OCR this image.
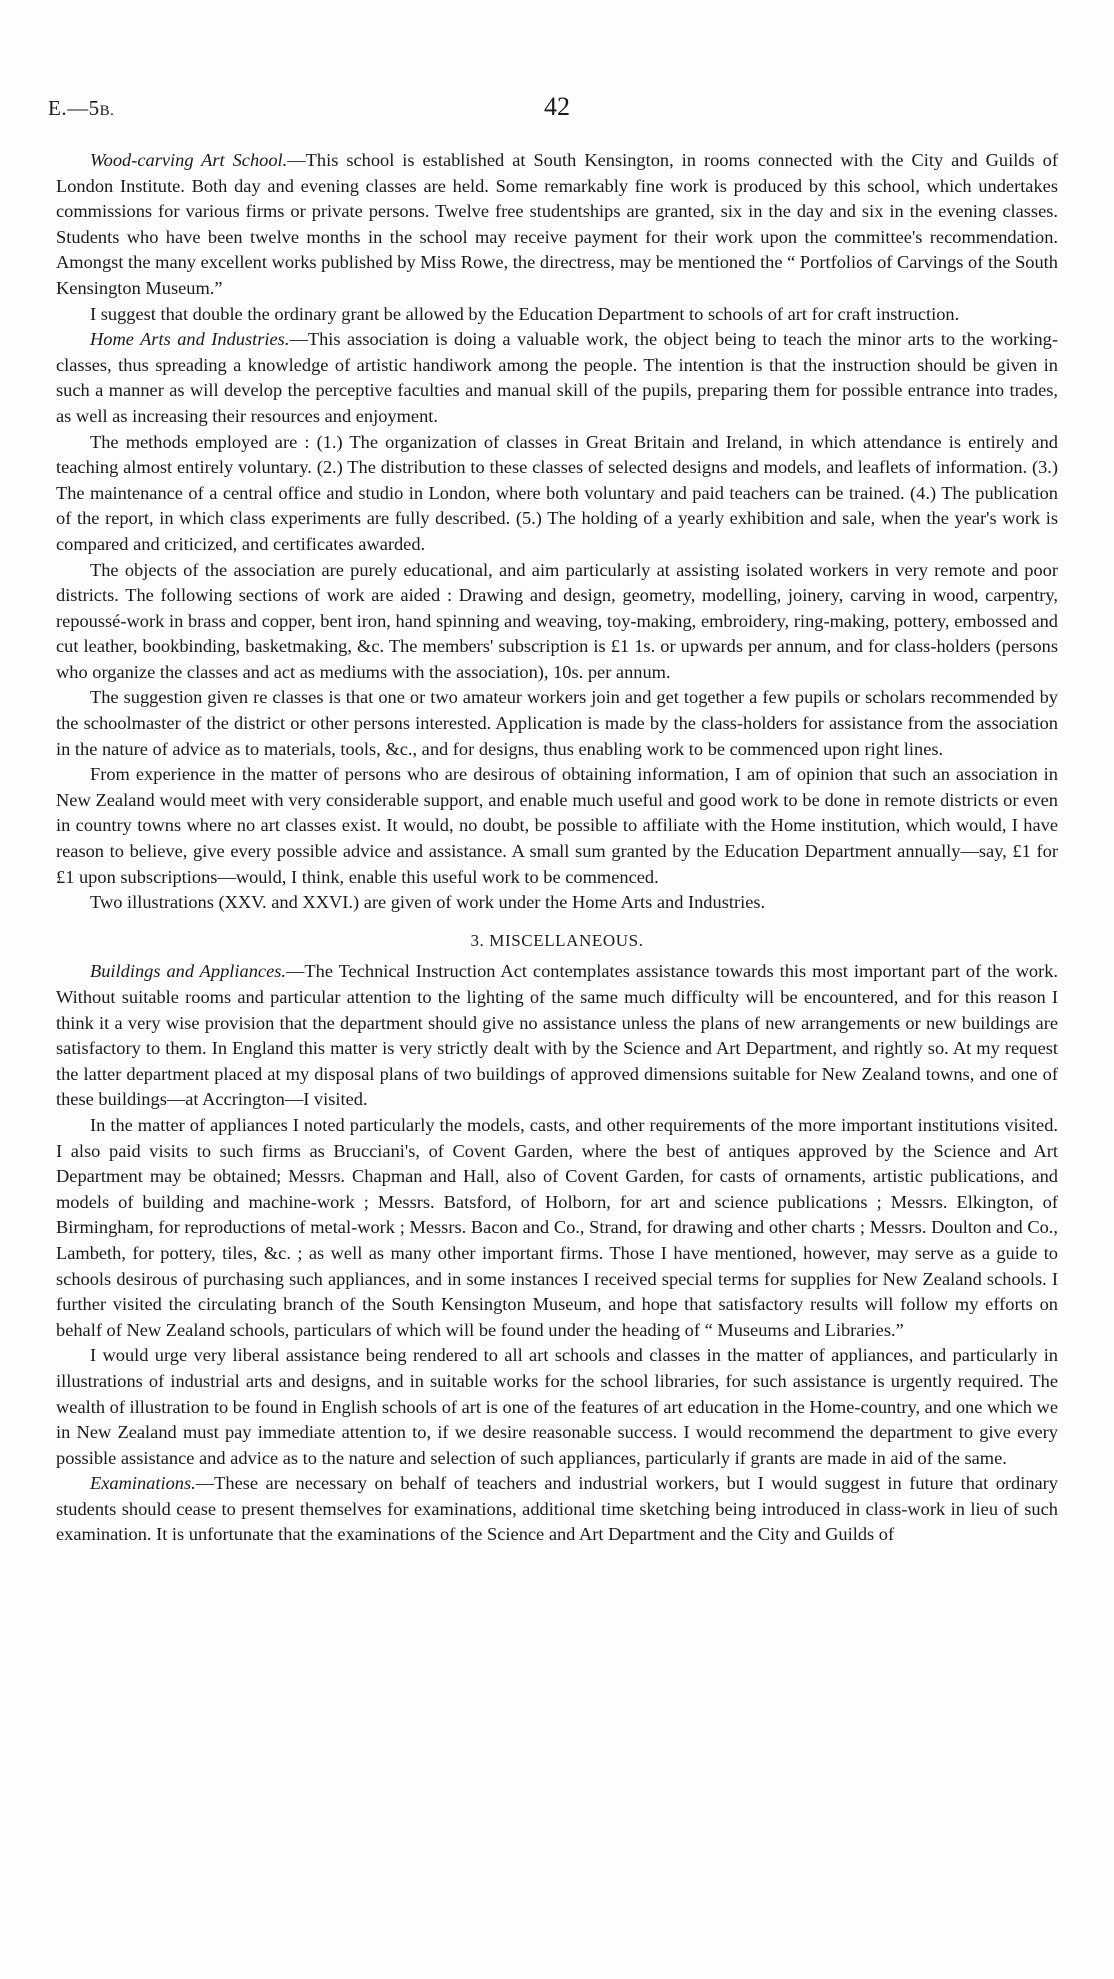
E.—5B.	42

Wood-carving Art School.—This school is established at South Kensington, in rooms connected with the City and Guilds of London Institute. Both day and evening classes are held. Some remarkably fine work is produced by this school, which undertakes commissions for various firms or private persons. Twelve free studentships are granted, six in the day and six in the evening classes. Students who have been twelve months in the school may receive payment for their work upon the committee's recommendation. Amongst the many excellent works published by Miss Rowe, the directress, may be mentioned the “ Portfolios of Carvings of the South Kensington Museum.”

I suggest that double the ordinary grant be allowed by the Education Department to schools of art for craft instruction.

Home Arts and Industries.—This association is doing a valuable work, the object being to teach the minor arts to the working-classes, thus spreading a knowledge of artistic handiwork among the people. The intention is that the instruction should be given in such a manner as will develop the perceptive faculties and manual skill of the pupils, preparing them for possible entrance into trades, as well as increasing their resources and enjoyment.

The methods employed are : (1.) The organization of classes in Great Britain and Ireland, in which attendance is entirely and teaching almost entirely voluntary. (2.) The distribution to these classes of selected designs and models, and leaflets of information. (3.) The maintenance of a central office and studio in London, where both voluntary and paid teachers can be trained. (4.) The publication of the report, in which class experiments are fully described. (5.) The holding of a yearly exhibition and sale, when the year's work is compared and criticized, and certificates awarded.

The objects of the association are purely educational, and aim particularly at assisting isolated workers in very remote and poor districts. The following sections of work are aided : Drawing and design, geometry, modelling, joinery, carving in wood, carpentry, repoussé-work in brass and copper, bent iron, hand spinning and weaving, toy-making, embroidery, ring-making, pottery, embossed and cut leather, bookbinding, basketmaking, &c. The members' subscription is £1 1s. or upwards per annum, and for class-holders (persons who organize the classes and act as mediums with the association), 10s. per annum.

The suggestion given re classes is that one or two amateur workers join and get together a few pupils or scholars recommended by the schoolmaster of the district or other persons interested. Application is made by the class-holders for assistance from the association in the nature of advice as to materials, tools, &c., and for designs, thus enabling work to be commenced upon right lines.

From experience in the matter of persons who are desirous of obtaining information, I am of opinion that such an association in New Zealand would meet with very considerable support, and enable much useful and good work to be done in remote districts or even in country towns where no art classes exist. It would, no doubt, be possible to affiliate with the Home institution, which would, I have reason to believe, give every possible advice and assistance. A small sum granted by the Education Department annually—say, £1 for £1 upon subscriptions—would, I think, enable this useful work to be commenced.

Two illustrations (XXV. and XXVI.) are given of work under the Home Arts and Industries.

3. MISCELLANEOUS.

Buildings and Appliances.—The Technical Instruction Act contemplates assistance towards this most important part of the work. Without suitable rooms and particular attention to the lighting of the same much difficulty will be encountered, and for this reason I think it a very wise provision that the department should give no assistance unless the plans of new arrangements or new buildings are satisfactory to them. In England this matter is very strictly dealt with by the Science and Art Department, and rightly so. At my request the latter department placed at my disposal plans of two buildings of approved dimensions suitable for New Zealand towns, and one of these buildings—at Accrington—I visited.

In the matter of appliances I noted particularly the models, casts, and other requirements of the more important institutions visited. I also paid visits to such firms as Brucciani's, of Covent Garden, where the best of antiques approved by the Science and Art Department may be obtained; Messrs. Chapman and Hall, also of Covent Garden, for casts of ornaments, artistic publications, and models of building and machine-work ; Messrs. Batsford, of Holborn, for art and science publications ; Messrs. Elkington, of Birmingham, for reproductions of metal-work ; Messrs. Bacon and Co., Strand, for drawing and other charts ; Messrs. Doulton and Co., Lambeth, for pottery, tiles, &c. ; as well as many other important firms. Those I have mentioned, however, may serve as a guide to schools desirous of purchasing such appliances, and in some instances I received special terms for supplies for New Zealand schools. I further visited the circulating branch of the South Kensington Museum, and hope that satisfactory results will follow my efforts on behalf of New Zealand schools, particulars of which will be found under the heading of “ Museums and Libraries.”

I would urge very liberal assistance being rendered to all art schools and classes in the matter of appliances, and particularly in illustrations of industrial arts and designs, and in suitable works for the school libraries, for such assistance is urgently required. The wealth of illustration to be found in English schools of art is one of the features of art education in the Home-country, and one which we in New Zealand must pay immediate attention to, if we desire reasonable success. I would recommend the department to give every possible assistance and advice as to the nature and selection of such appliances, particularly if grants are made in aid of the same.

Examinations.—These are necessary on behalf of teachers and industrial workers, but I would suggest in future that ordinary students should cease to present themselves for examinations, additional time sketching being introduced in class-work in lieu of such examination. It is unfortunate that the examinations of the Science and Art Department and the City and Guilds of
